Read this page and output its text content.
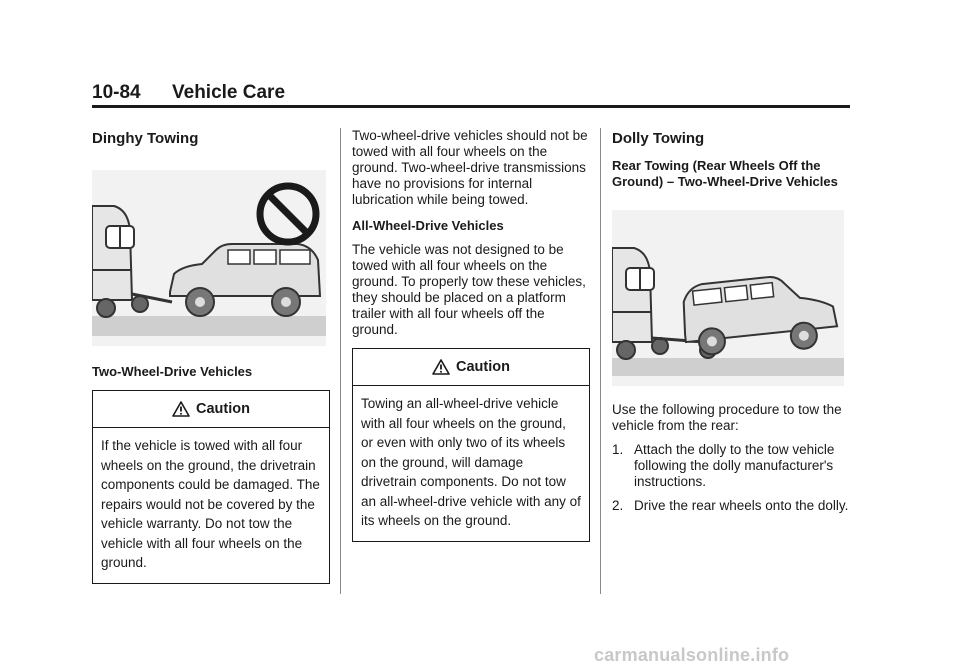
10-84 Vehicle Care
Dinghy Towing
Two-Wheel-Drive Vehicles
Caution
If the vehicle is towed with all four wheels on the ground, the drivetrain components could be damaged. The repairs would not be covered by the vehicle warranty. Do not tow the vehicle with all four wheels on the ground.

Two-wheel-drive vehicles should not be towed with all four wheels on the ground. Two-wheel-drive transmissions have no provisions for internal lubrication while being towed.

All-Wheel-Drive Vehicles

The vehicle was not designed to be towed with all four wheels on the ground. To properly tow these vehicles, they should be placed on a platform trailer with all four wheels off the ground.

Caution
Towing an all-wheel-drive vehicle with all four wheels on the ground, or even with only two of its wheels on the ground, will damage drivetrain components. Do not tow an all-wheel-drive vehicle with any of its wheels on the ground.
Dolly Towing
Rear Towing (Rear Wheels Off the Ground) – Two-Wheel-Drive Vehicles

Use the following procedure to tow the vehicle from the rear:

1. Attach the dolly to the tow vehicle following the dolly manufacturer's instructions.
2. Drive the rear wheels onto the dolly.
carmanualsonline.info
